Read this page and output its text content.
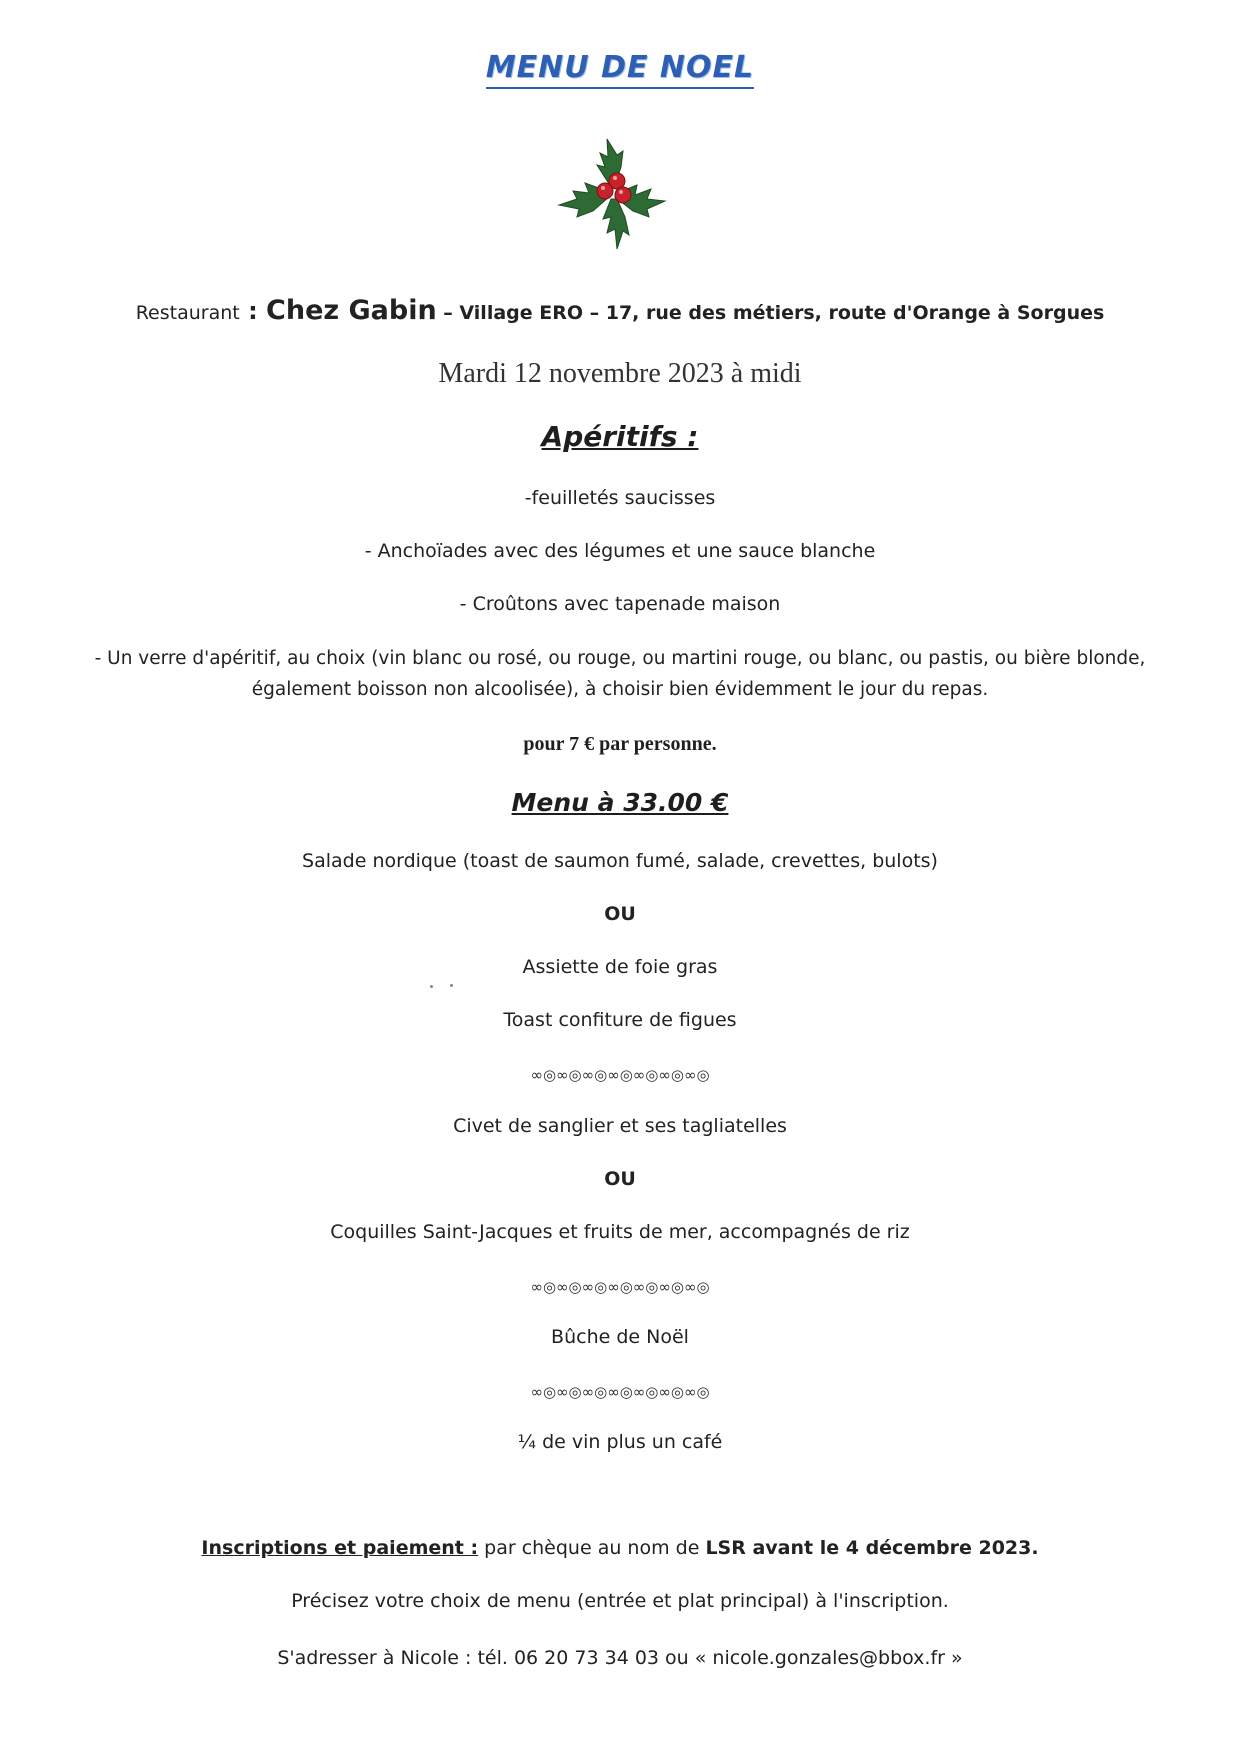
MENU DE NOEL
Restaurant : Chez Gabin – Village ERO – 17, rue des métiers, route d'Orange à Sorgues
Mardi 12 novembre 2023 à midi
Apéritifs :
-feuilletés saucisses
- Anchoïades avec des légumes et une sauce blanche
- Croûtons avec tapenade maison
- Un verre d'apéritif, au choix (vin blanc ou rosé, ou rouge, ou martini rouge, ou blanc, ou pastis, ou bière blonde,
également boisson non alcoolisée), à choisir bien évidemment le jour du repas.
pour 7 € par personne.
Menu à 33.00 €
Salade nordique (toast de saumon fumé, salade, crevettes, bulots)
OU
Assiette de foie gras
Toast confiture de figues
∞◎∞◎∞◎∞◎∞◎∞◎∞◎
Civet de sanglier et ses tagliatelles
OU
Coquilles Saint-Jacques et fruits de mer, accompagnés de riz
∞◎∞◎∞◎∞◎∞◎∞◎∞◎
Bûche de Noël
∞◎∞◎∞◎∞◎∞◎∞◎∞◎
¼ de vin plus un café
Inscriptions et paiement : par chèque au nom de LSR avant le 4 décembre 2023.
Précisez votre choix de menu (entrée et plat principal) à l'inscription.
S'adresser à Nicole : tél. 06 20 73 34 03 ou « nicole.gonzales@bbox.fr »
